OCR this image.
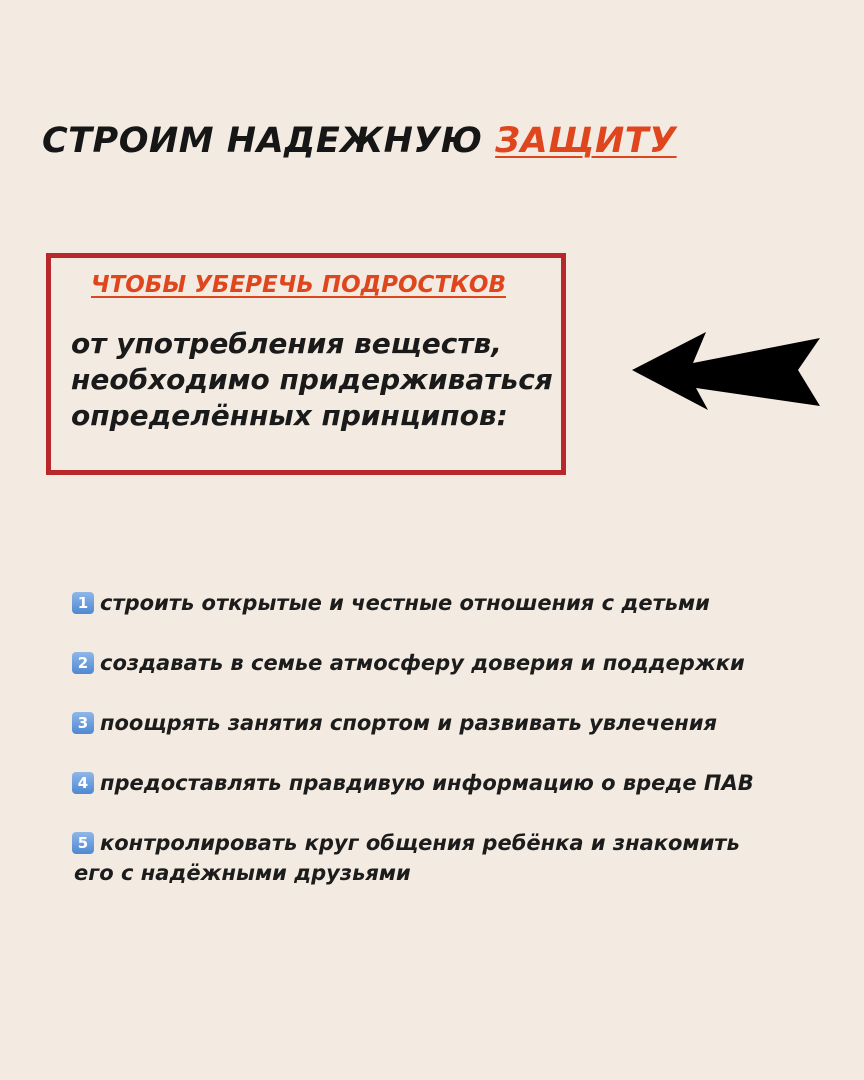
СТРОИМ НАДЕЖНУЮ ЗАЩИТУ
ЧТОБЫ УБЕРЕЧЬ ПОДРОСТКОВ

от употребления веществ,
необходимо придерживаться
определённых принципов:

1 строить открытые и честные отношения с детьми
2 создавать в семье атмосферу доверия и поддержки
3 поощрять занятия спортом и развивать увлечения
4 предоставлять правдивую информацию о вреде ПАВ
5 контролировать круг общения ребёнка и знакомить
его с надёжными друзьями
